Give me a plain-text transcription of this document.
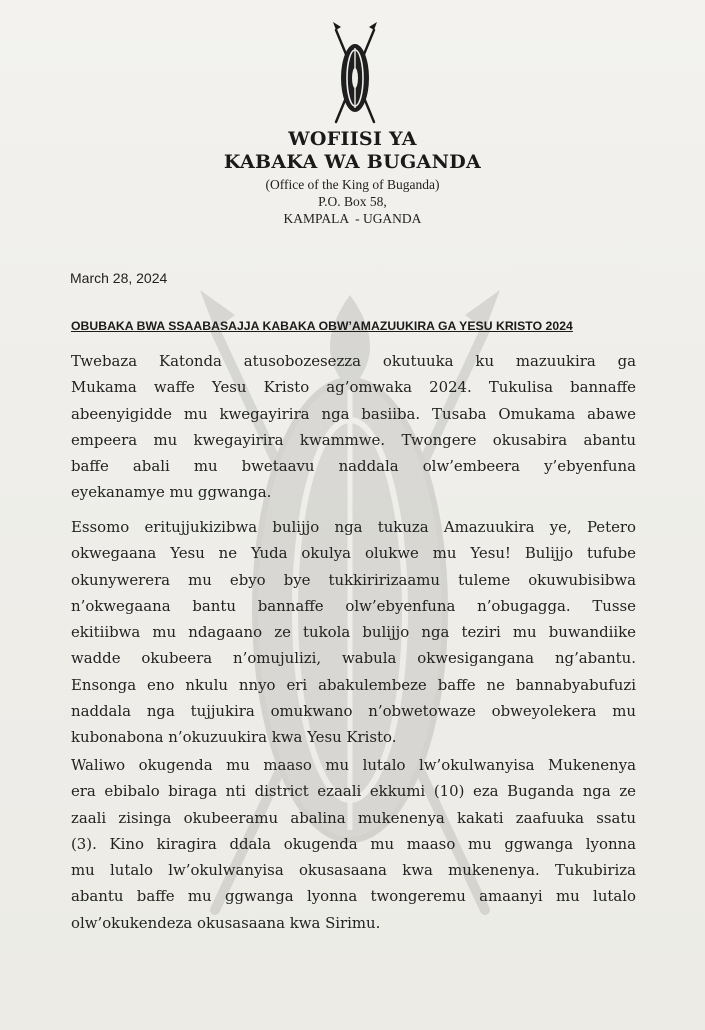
WOFIISI YA
KABAKA WA BUGANDA
(Office of the King of Buganda)
P.O. Box 58,
KAMPALA  - UGANDA
March 28, 2024
OBUBAKA BWA SSAABASAJJA KABAKA OBW’AMAZUUKIRA GA YESU KRISTO 2024
Twebaza Katonda atusobozesezza okutuuka ku mazuukira ga
Mukama waffe Yesu Kristo ag’omwaka 2024. Tukulisa bannaffe
abeenyigidde mu kwegayirira nga basiiba. Tusaba Omukama abawe
empeera mu kwegayirira kwammwe. Twongere okusabira abantu
baffe abali mu bwetaavu naddala olw’embeera y’ebyenfuna
eyekanamye mu ggwanga.
Essomo eritujjukizibwa bulijjo nga tukuza Amazuukira ye, Petero
okwegaana Yesu ne Yuda okulya olukwe mu Yesu! Bulijjo tufube
okunywerera mu ebyo bye tukkiririzaamu tuleme okuwubisibwa
n’okwegaana bantu bannaffe olw’ebyenfuna n’obugagga. Tusse
ekitiibwa mu ndagaano ze tukola bulijjo nga teziri mu buwandiike
wadde okubeera n’omujulizi, wabula okwesigangana ng’abantu.
Ensonga eno nkulu nnyo eri abakulembeze baffe ne bannabyabufuzi
naddala nga tujjukira omukwano n’obwetowaze obweyolekera mu
kubonabona n’okuzuukira kwa Yesu Kristo.
Waliwo okugenda mu maaso mu lutalo lw’okulwanyisa Mukenenya
era ebibalo biraga nti district ezaali ekkumi (10) eza Buganda nga ze
zaali zisinga okubeeramu abalina mukenenya kakati zaafuuka ssatu
(3). Kino kiragira ddala okugenda mu maaso mu ggwanga lyonna
mu lutalo lw’okulwanyisa okusasaana kwa mukenenya. Tukubiriza
abantu baffe mu ggwanga lyonna twongeremu amaanyi mu lutalo
olw’okukendeza okusasaana kwa Sirimu.
